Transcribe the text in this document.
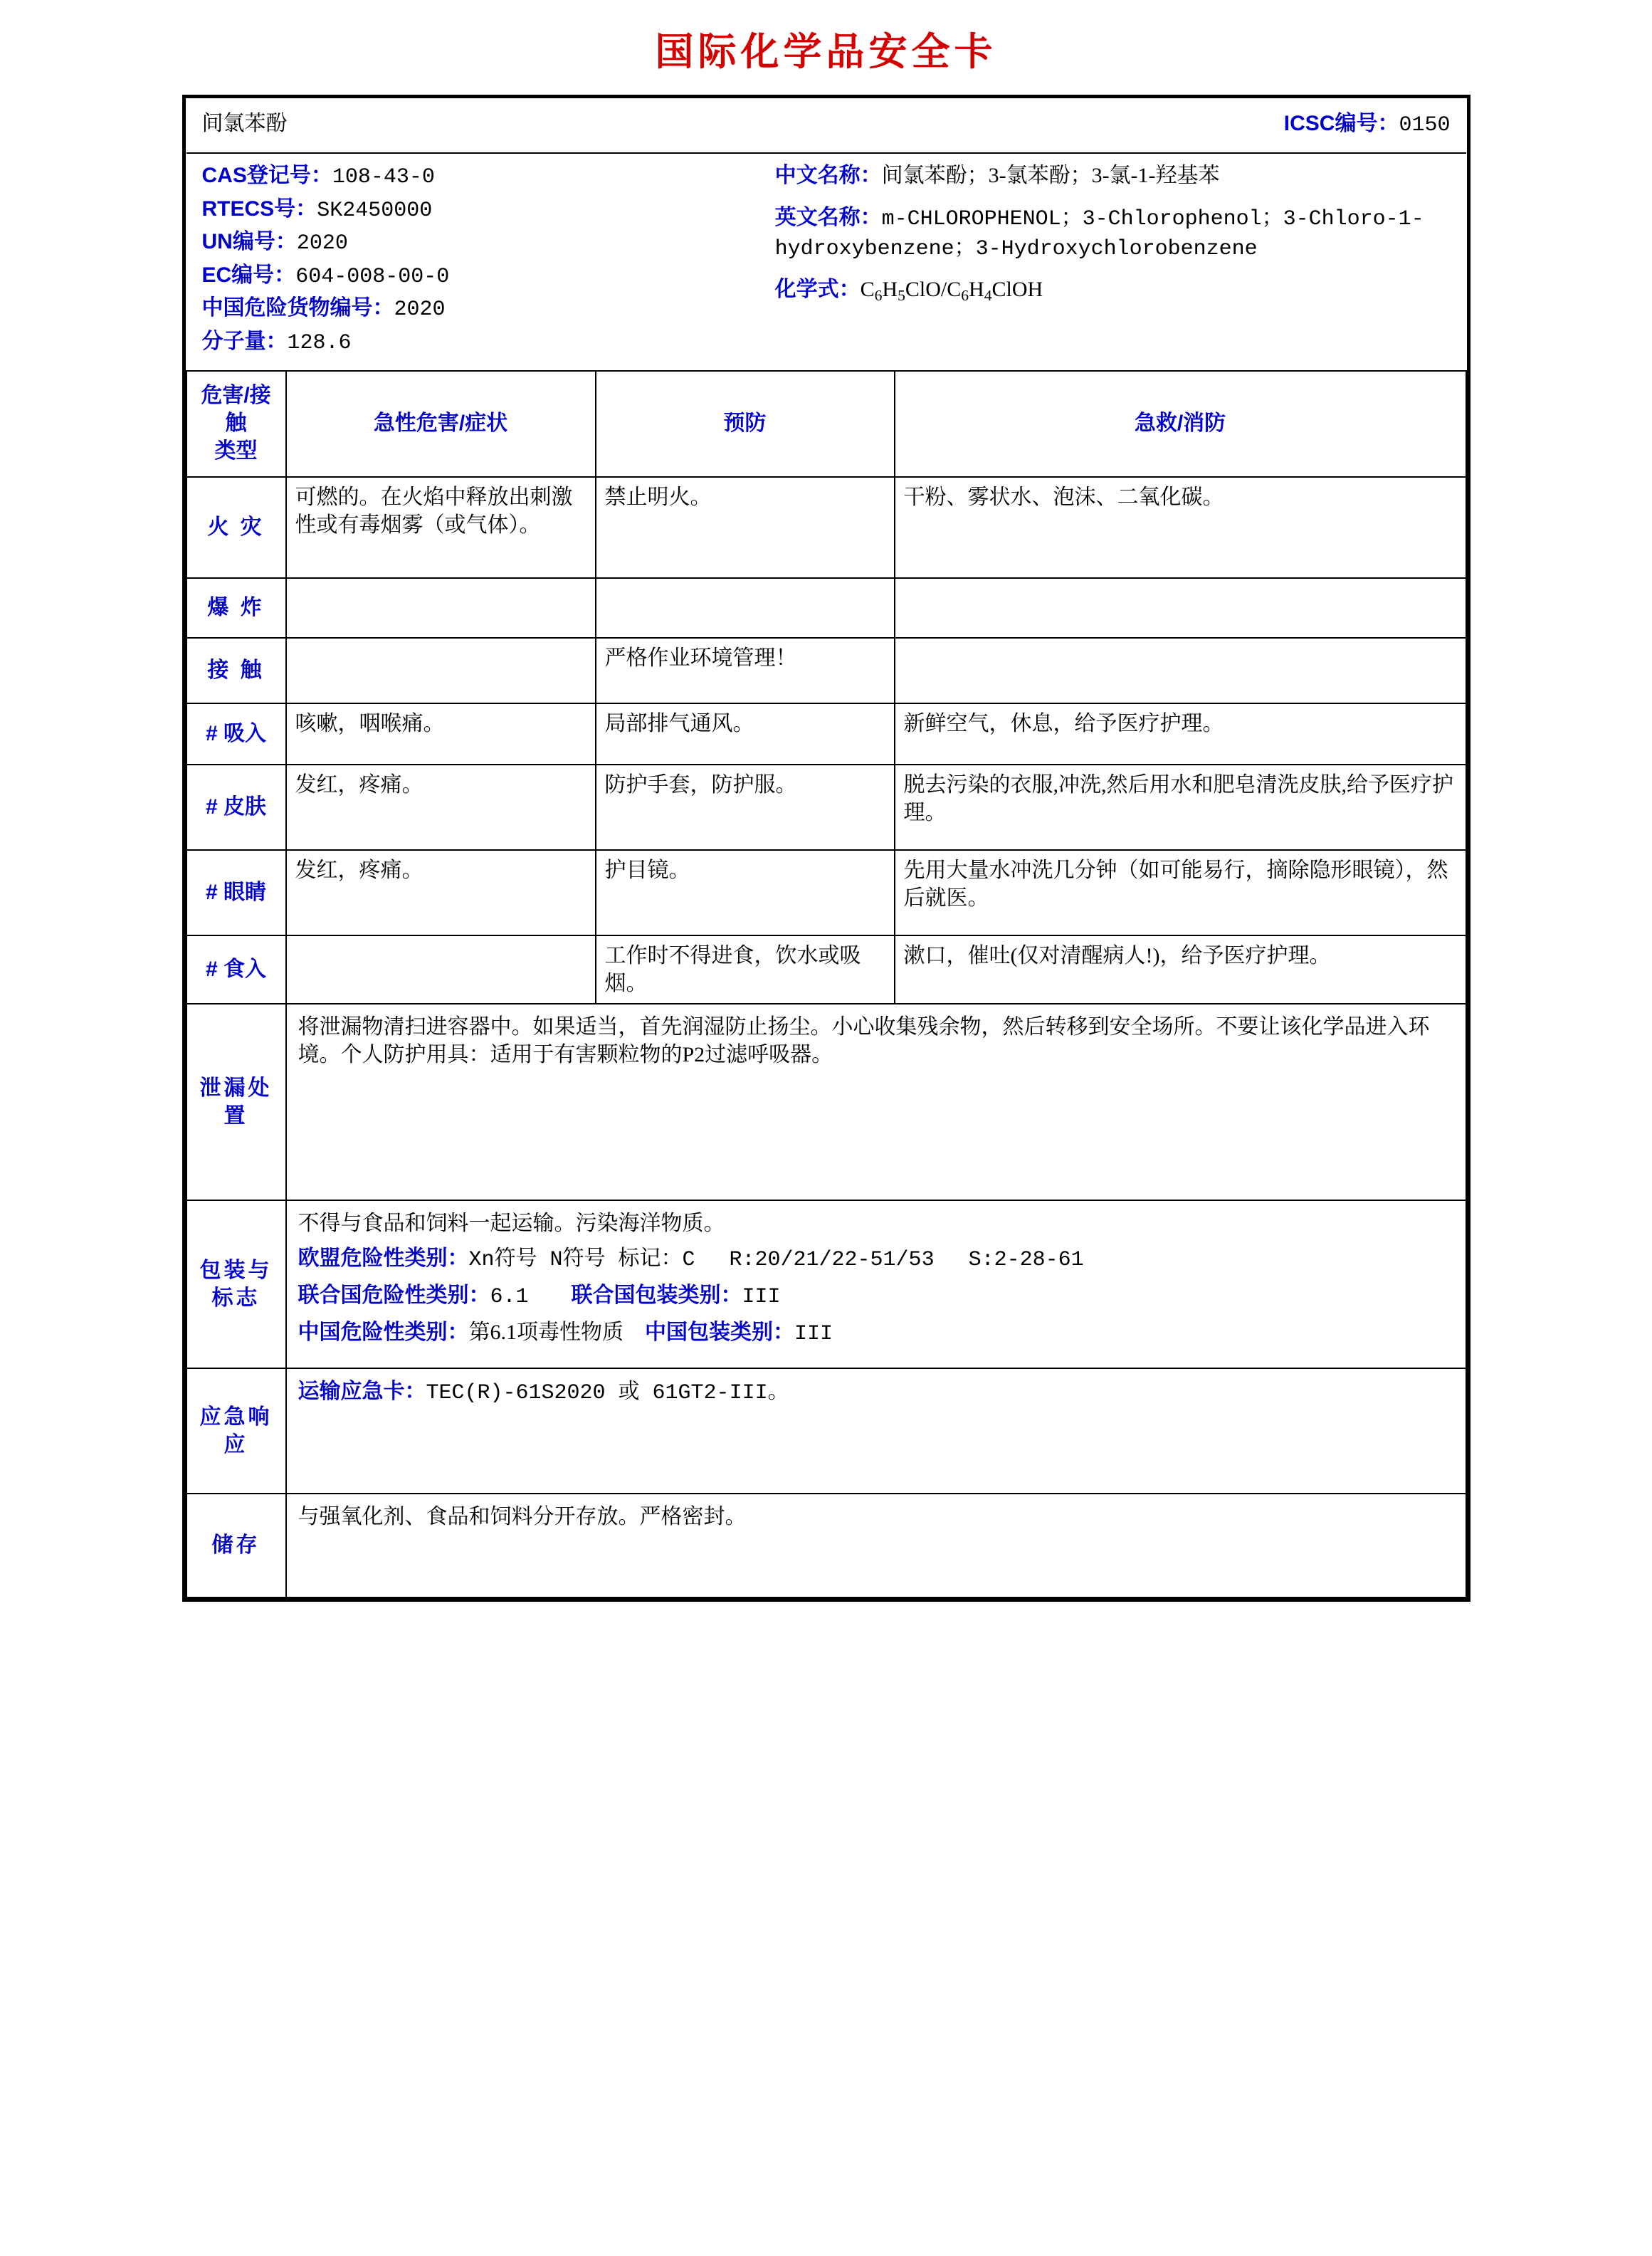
国际化学品安全卡
间氯苯酚		ICSC编号：0150	

CAS登记号：108-43-0
RTECS号：SK2450000
UN编号：2020
EC编号：604-008-00-0
中国危险货物编号：2020
分子量：128.6
中文名称：间氯苯酚；3-氯苯酚；3-氯-1-羟基苯
英文名称：m-CHLOROPHENOL；3-Chlorophenol；3-Chloro-1-hydroxybenzene；3-Hydroxychlorobenzene
化学式：$C_6H_5ClO/C_6H_4ClOH$

危害/接触
类型	急性危害/症状	预防	急救/消防
火 灾	可燃的。在火焰中释放出刺激性或有毒烟雾（或气体）。	禁止明火。	干粉、雾状水、泡沫、二氧化碳。
爆 炸			
接 触		严格作业环境管理！	
# 吸入	咳嗽，咽喉痛。	局部排气通风。	新鲜空气，休息，给予医疗护理。
# 皮肤	发红，疼痛。	防护手套，防护服。	脱去污染的衣服,冲洗,然后用水和肥皂清洗皮肤,给予医疗护理。
# 眼睛	发红，疼痛。	护目镜。	先用大量水冲洗几分钟（如可能易行，摘除隐形眼镜），然后就医。
# 食入		工作时不得进食，饮水或吸烟。	漱口，催吐(仅对清醒病人!)，给予医疗护理。
泄漏处置	将泄漏物清扫进容器中。如果适当，首先润湿防止扬尘。小心收集残余物，然后转移到安全场所。不要让该化学品进入环境。个人防护用具：适用于有害颗粒物的P2过滤呼吸器。		
包装与标志	不得与食品和饲料一起运输。污染海洋物质。

欧盟危险性类别：Xn符号 N符号 标记：C　 R:20/21/22-51/53　 S:2-28-61

联合国危险性类别：6.1　　 联合国包装类别：III

中国危险性类别：第6.1项毒性物质　 中国包装类别：III		

应急响应	运输应急卡：TEC(R)-61S2020 或 61GT2-III。		

储存	与强氧化剂、食品和饲料分开存放。严格密封。		
